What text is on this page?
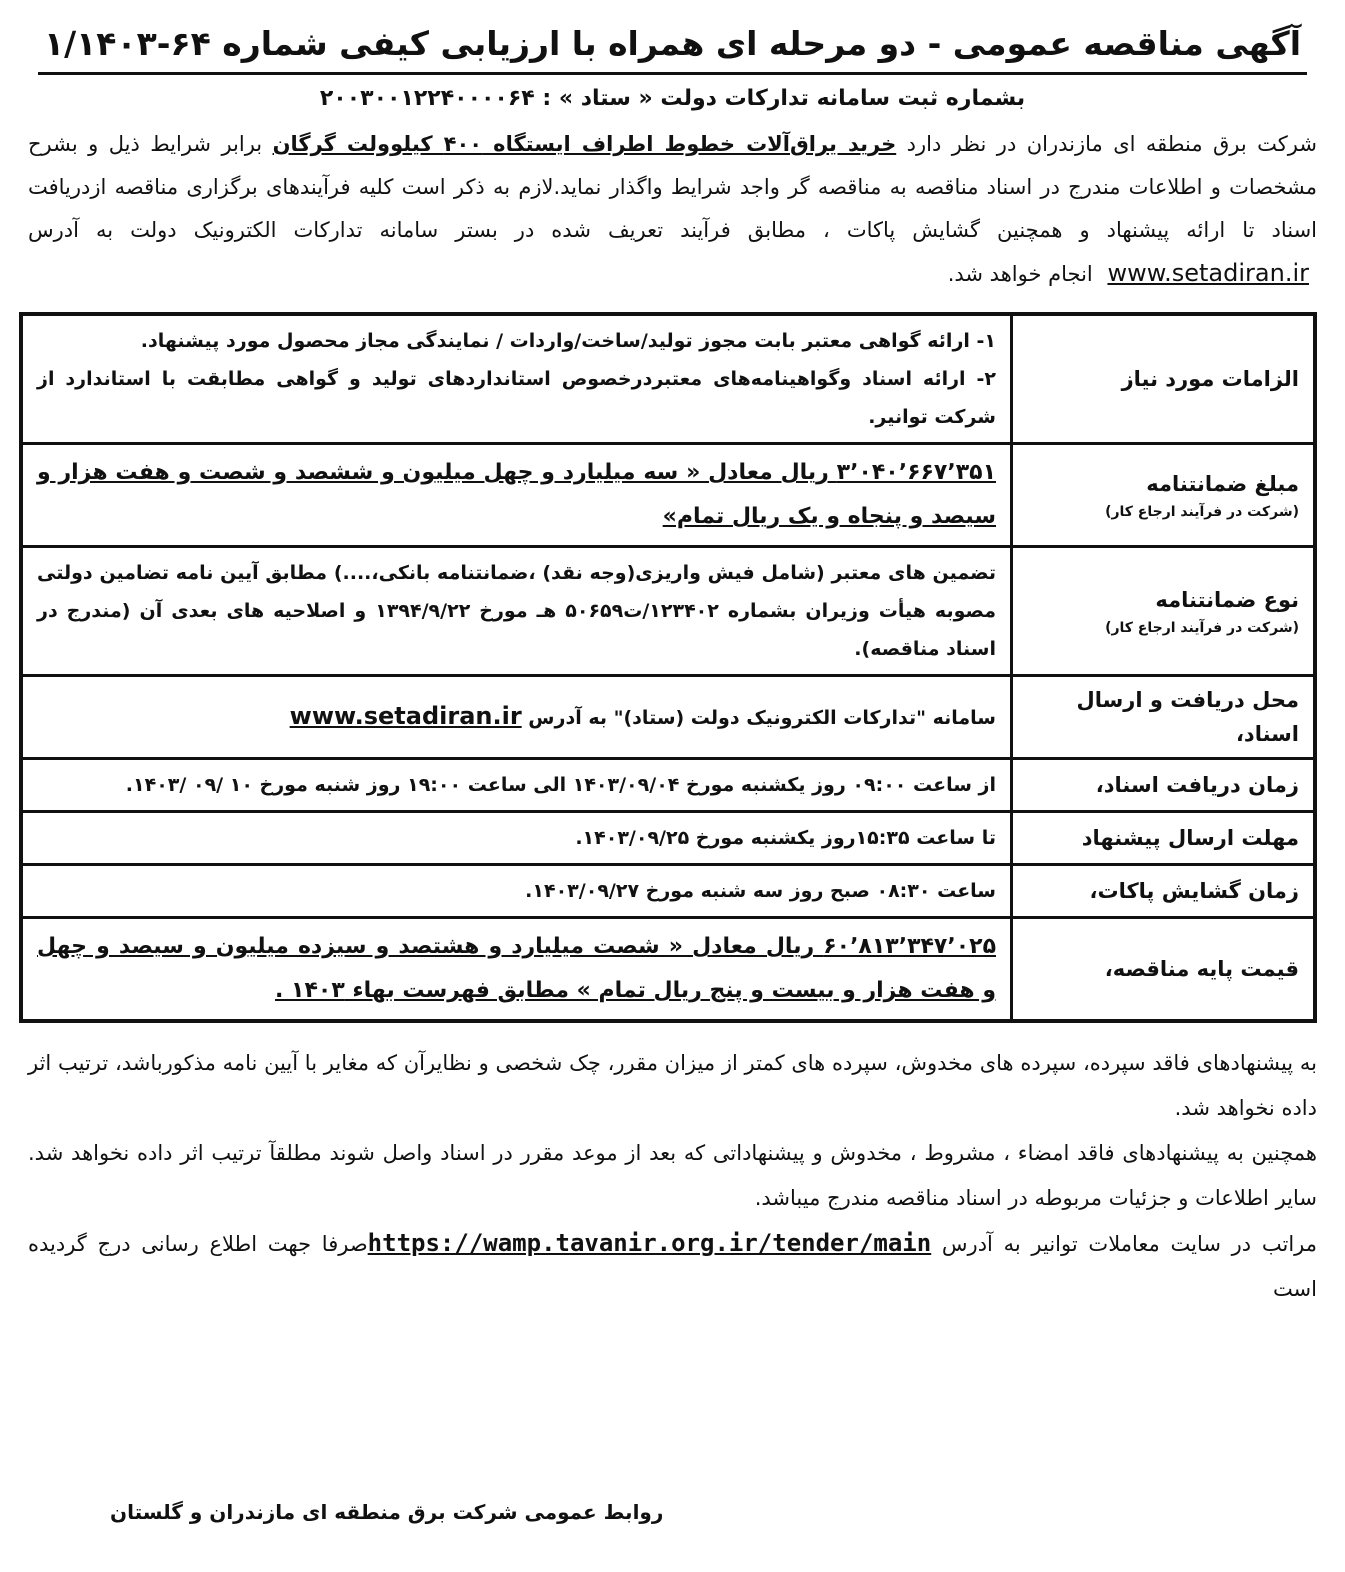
آگهی مناقصه عمومی - دو مرحله ای همراه با ارزیابی کیفی شماره ۶۴-۱/۱۴۰۳
بشماره ثبت سامانه تدارکات دولت « ستاد » : ۲۰۰۳۰۰۱۲۲۴۰۰۰۰۶۴

شرکت برق منطقه ای مازندران در نظر دارد خرید یراق‌آلات خطوط اطراف ایستگاه ۴۰۰ کیلوولت گرگان برابر شرایط ذیل و بشرح مشخصات و اطلاعات مندرج در اسناد مناقصه به مناقصه گر واجد شرایط واگذار نماید.لازم به ذکر است کلیه فرآیندهای برگزاری مناقصه ازدریافت اسناد تا ارائه پیشنهاد و همچنین گشایش پاکات ، مطابق فرآیند تعریف شده در بستر سامانه تدارکات الکترونیک دولت به آدرس www.setadiran.ir انجام خواهد شد.

الزامات مورد نیاز	۱- ارائه گواهی معتبر بابت مجوز تولید/ساخت/واردات / نمایندگی مجاز محصول مورد پیشنهاد.
۲- ارائه اسناد وگواهینامه‌های معتبردرخصوص استانداردهای تولید و گواهی مطابقت با استاندارد از شرکت توانیر.

مبلغ ضمانتنامه
(شرکت در فرآیند ارجاع کار)	۳٬۰۴۰٬۶۶۷٬۳۵۱ ریال معادل « سه میلیارد و چهل میلیون و ششصد و شصت و هفت هزار و سیصد و پنجاه و یک ریال تمام»
نوع ضمانتنامه
(شرکت در فرآیند ارجاع کار)	تضمین های معتبر (شامل فیش واریزی(وجه نقد) ،ضمانتنامه بانکی،....) مطابق آیین نامه تضامین دولتی مصوبه هیأت وزیران بشماره ۱۲۳۴۰۲/ت۵۰۶۵۹ هـ مورخ ۱۳۹۴/۹/۲۲ و اصلاحیه های بعدی آن (مندرج در اسناد مناقصه).
محل دریافت و ارسال اسناد،	سامانه "تدارکات الکترونیک دولت (ستاد)" به آدرس www.setadiran.ir
زمان دریافت اسناد،	از ساعت ۰۹:۰۰ روز یکشنبه مورخ ۱۴۰۳/۰۹/۰۴ الی ساعت ۱۹:۰۰ روز شنبه مورخ ۱۰ /۰۹ /۱۴۰۳.
مهلت ارسال پیشنهاد	تا ساعت ۱۵:۳۵روز یکشنبه مورخ ۱۴۰۳/۰۹/۲۵.
زمان گشایش پاکات،	ساعت ۰۸:۳۰ صبح روز سه شنبه مورخ ۱۴۰۳/۰۹/۲۷.
قیمت پایه مناقصه،	۶۰٬۸۱۳٬۳۴۷٬۰۲۵ ریال معادل « شصت میلیارد و هشتصد و سیزده میلیون و سیصد و چهل و هفت هزار و بیست و پنج ریال تمام » مطابق فهرست بهاء ۱۴۰۳ .
به پیشنهادهای فاقد سپرده، سپرده های مخدوش، سپرده های کمتر از میزان مقرر، چک شخصی و نظایرآن که مغایر با آیین نامه مذکورباشد، ترتیب اثر داده نخواهد شد.
همچنین به پیشنهادهای فاقد امضاء ، مشروط ، مخدوش و پیشنهاداتی که بعد از موعد مقرر در اسناد واصل شوند مطلقآ ترتیب اثر داده نخواهد شد. سایر اطلاعات و جزئیات مربوطه در اسناد مناقصه مندرج میباشد.
مراتب در سایت معاملات توانیر به آدرس https://wamp.tavanir.org.ir/tender/mainصرفا جهت اطلاع رسانی درج گردیده است
روابط عمومی شرکت برق منطقه ای مازندران و گلستان
